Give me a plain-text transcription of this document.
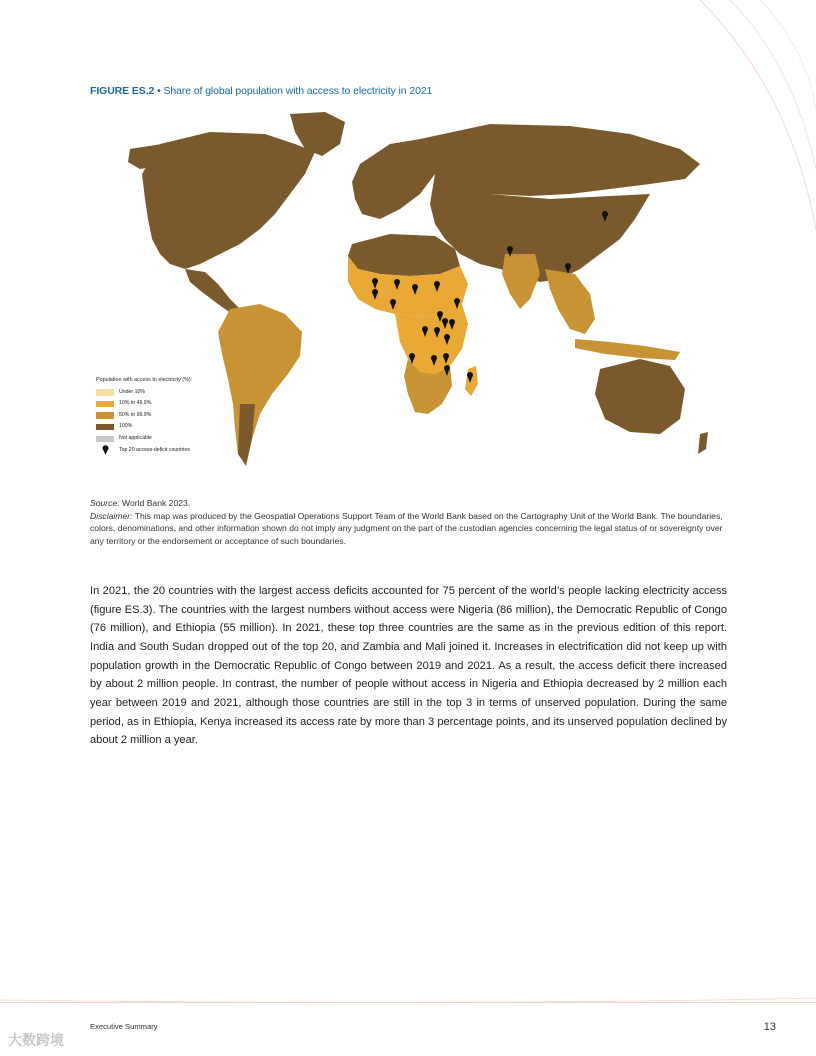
FIGURE ES.2 • Share of global population with access to electricity in 2021
Population with access to electricity (%):
Under 10%
10% to 49.9%
50% to 99.9%
100%
Not applicable
Top 20 access-deficit countries
Source: World Bank 2023.
Disclaimer: This map was produced by the Geospatial Operations Support Team of the World Bank based on the Cartography Unit of the World Bank. The boundaries, colors, denominations, and other information shown do not imply any judgment on the part of the custodian agencies concerning the legal status of or sovereignty over any territory or the endorsement or acceptance of such boundaries.

In 2021, the 20 countries with the largest access deficits accounted for 75 percent of the world’s people lacking electricity access (figure ES.3). The countries with the largest numbers without access were Nigeria (86 million), the Democratic Republic of Congo (76 million), and Ethiopia (55 million). In 2021, these top three countries are the same as in the previous edition of this report. India and South Sudan dropped out of the top 20, and Zambia and Mali joined it. Increases in electrification did not keep up with population growth in the Democratic Republic of Congo between 2019 and 2021. As a result, the access deficit there increased by about 2 million people. In contrast, the number of people without access in Nigeria and Ethiopia decreased by 2 million each year between 2019 and 2021, although those countries are still in the top 3 in terms of unserved population. During the same period, as in Ethiopia, Kenya increased its access rate by more than 3 percentage points, and its unserved population declined by about 2 million a year.

Executive Summary	13
大数跨境
